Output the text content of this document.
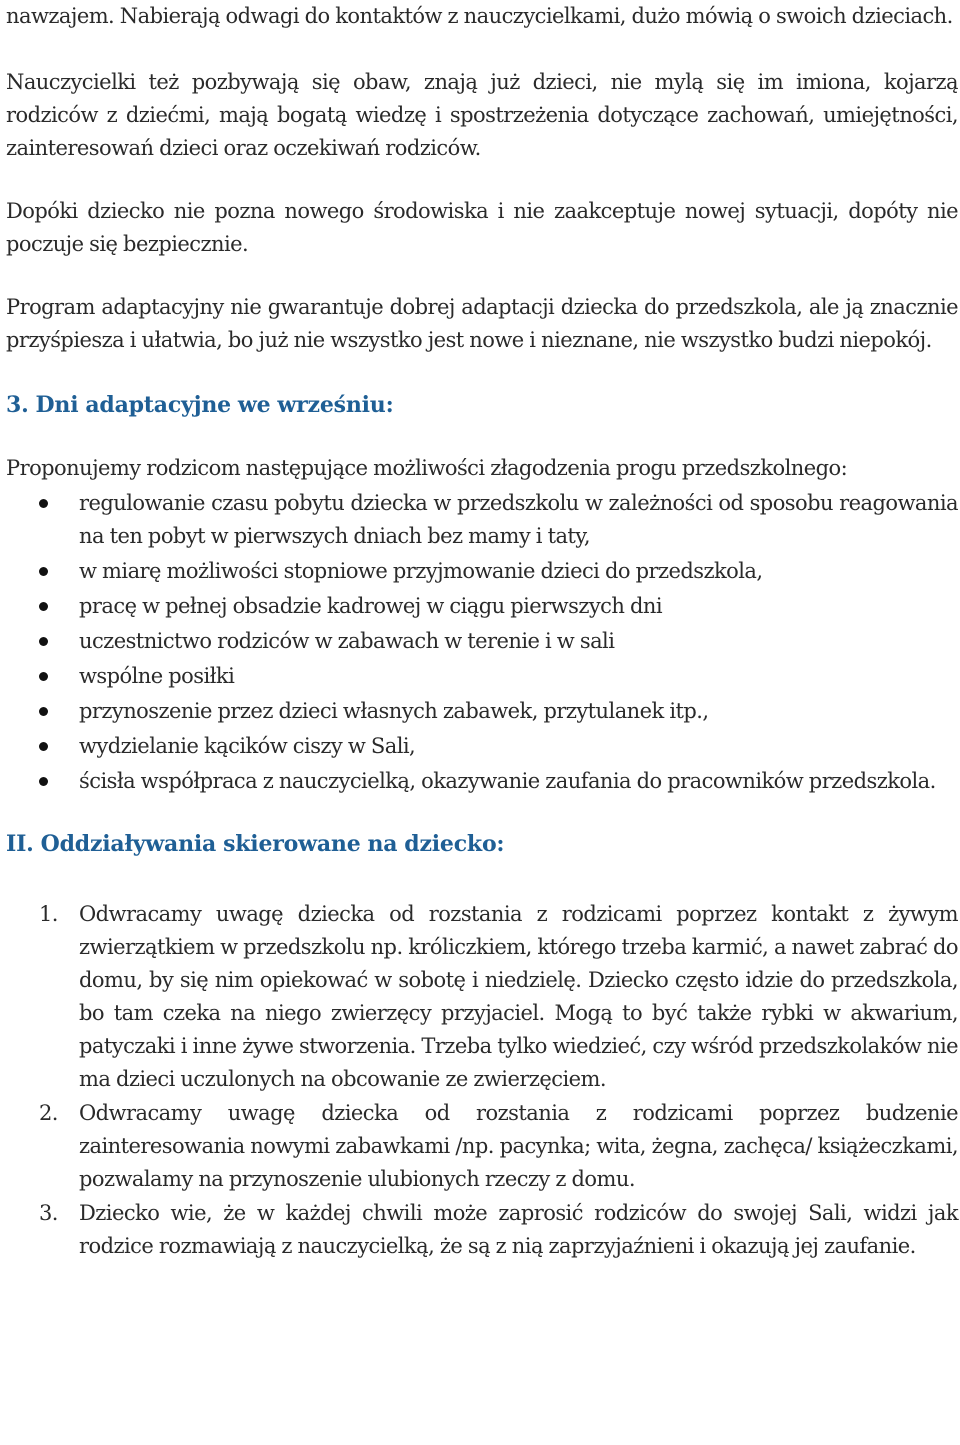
nawzajem. Nabierają odwagi do kontaktów z nauczycielkami, dużo mówią o swoich dzieciach.

Nauczycielki też pozbywają się obaw, znają już dzieci, nie mylą się im imiona, kojarzą rodziców z dziećmi, mają bogatą wiedzę i spostrzeżenia dotyczące zachowań, umiejętności, zainteresowań dzieci oraz oczekiwań rodziców.

Dopóki dziecko nie pozna nowego środowiska i nie zaakceptuje nowej sytuacji, dopóty nie poczuje się bezpiecznie.

Program adaptacyjny nie gwarantuje dobrej adaptacji dziecka do przedszkola, ale ją znacznie przyśpiesza i ułatwia, bo już nie wszystko jest nowe i nieznane, nie wszystko budzi niepokój.

3. Dni adaptacyjne we wrześniu:

Proponujemy rodzicom następujące możliwości złagodzenia progu przedszkolnego:

regulowanie czasu pobytu dziecka w przedszkolu w zależności od sposobu reagowania na ten pobyt w pierwszych dniach bez mamy i taty,
w miarę możliwości stopniowe przyjmowanie dzieci do przedszkola,
pracę w pełnej obsadzie kadrowej w ciągu pierwszych dni
uczestnictwo rodziców w zabawach w terenie i w sali
wspólne posiłki
przynoszenie przez dzieci własnych zabawek, przytulanek itp.,
wydzielanie kącików ciszy w Sali,
ścisła współpraca z nauczycielką, okazywanie zaufania do pracowników przedszkola.
II. Oddziaływania skierowane na dziecko:
1. Odwracamy uwagę dziecka od rozstania z rodzicami poprzez kontakt z żywym zwierzątkiem w przedszkolu np. króliczkiem, którego trzeba karmić, a nawet zabrać do domu, by się nim opiekować w sobotę i niedzielę. Dziecko często idzie do przedszkola, bo tam czeka na niego zwierzęcy przyjaciel. Mogą to być także rybki w akwarium, patyczaki i inne żywe stworzenia. Trzeba tylko wiedzieć, czy wśród przedszkolaków nie ma dzieci uczulonych na obcowanie ze zwierzęciem.
2. Odwracamy uwagę dziecka od rozstania z rodzicami poprzez budzenie zainteresowania nowymi zabawkami /np. pacynka; wita, żegna, zachęca/ książeczkami, pozwalamy na przynoszenie ulubionych rzeczy z domu.
3. Dziecko wie, że w każdej chwili może zaprosić rodziców do swojej Sali, widzi jak rodzice rozmawiają z nauczycielką, że są z nią zaprzyjaźnieni i okazują jej zaufanie.
